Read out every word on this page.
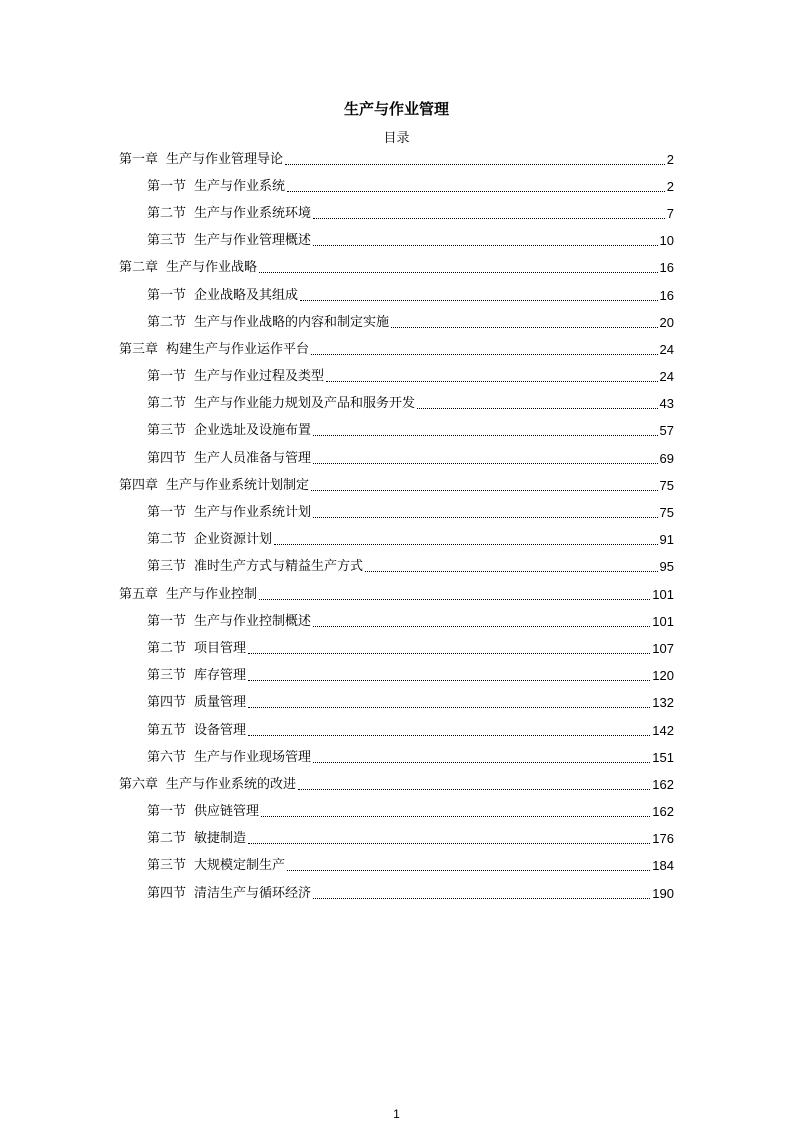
生产与作业管理
目录
第一章 生产与作业管理导论	2
第一节 生产与作业系统	2
第二节 生产与作业系统环境	7
第三节 生产与作业管理概述	10
第二章 生产与作业战略	16
第一节 企业战略及其组成	16
第二节 生产与作业战略的内容和制定实施	20
第三章 构建生产与作业运作平台	24
第一节 生产与作业过程及类型	24
第二节 生产与作业能力规划及产品和服务开发	43
第三节 企业选址及设施布置	57
第四节 生产人员准备与管理	69
第四章 生产与作业系统计划制定	75
第一节 生产与作业系统计划	75
第二节 企业资源计划	91
第三节 准时生产方式与精益生产方式	95
第五章 生产与作业控制	101
第一节 生产与作业控制概述	101
第二节 项目管理	107
第三节 库存管理	120
第四节 质量管理	132
第五节 设备管理	142
第六节 生产与作业现场管理	151
第六章 生产与作业系统的改进	162
第一节 供应链管理	162
第二节 敏捷制造	176
第三节 大规模定制生产	184
第四节 清洁生产与循环经济	190
1
